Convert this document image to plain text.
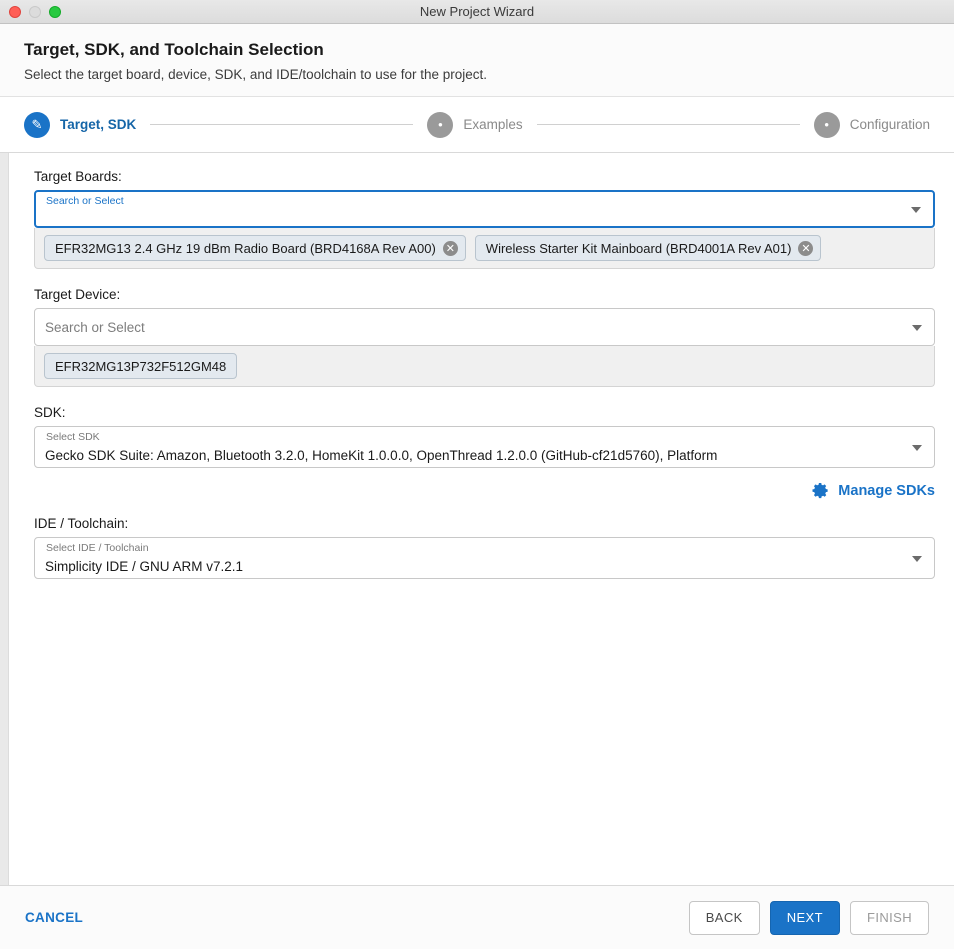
New Project Wizard
Target, SDK, and Toolchain Selection
Select the target board, device, SDK, and IDE/toolchain to use for the project.
✎	Target, SDK	•	Examples	•	Configuration
Target Boards:
Search or Select
EFR32MG13 2.4 GHz 19 dBm Radio Board (BRD4168A Rev A00) ✕ Wireless Starter Kit Mainboard (BRD4001A Rev A01) ✕
Target Device:
Search or Select
EFR32MG13P732F512GM48
SDK:
Select SDK
Gecko SDK Suite: Amazon, Bluetooth 3.2.0, HomeKit 1.0.0.0, OpenThread 1.2.0.0 (GitHub-cf21d5760), Platform
Manage SDKs
IDE / Toolchain:
Select IDE / Toolchain
Simplicity IDE / GNU ARM v7.2.1
CANCEL	BACK	NEXT	FINISH
